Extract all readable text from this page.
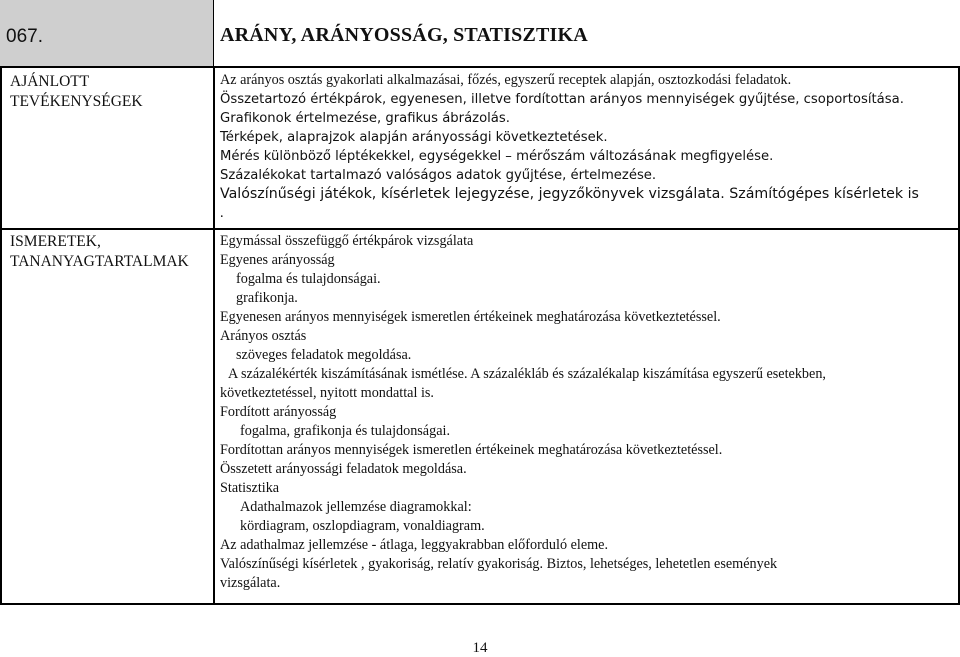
067.	ARÁNY, ARÁNYOSSÁG, STATISZTIKA
AJÁNLOTT
TEVÉKENYSÉGEK
Az arányos osztás gyakorlati alkalmazásai, főzés, egyszerű receptek alapján, osztozkodási feladatok.
Összetartozó értékpárok, egyenesen, illetve fordítottan arányos mennyiségek gyűjtése, csoportosítása.
Grafikonok értelmezése, grafikus ábrázolás.
Térképek, alaprajzok alapján arányossági következtetések.
Mérés különböző léptékekkel, egységekkel – mérőszám változásának megfigyelése.
Százalékokat tartalmazó valóságos adatok gyűjtése, értelmezése.
Valószínűségi játékok, kísérletek lejegyzése, jegyzőkönyvek vizsgálata. Számítógépes kísérletek is
.
ISMERETEK,
TANANYAGTARTALMAK
Egymással összefüggő értékpárok vizsgálata
Egyenes arányosság
fogalma és tulajdonságai.
grafikonja.
Egyenesen arányos mennyiségek ismeretlen értékeinek meghatározása következtetéssel.
Arányos osztás
szöveges feladatok megoldása.
A százalékérték kiszámításának ismétlése. A százalékláb és százalékalap kiszámítása egyszerű esetekben,
következtetéssel, nyitott mondattal is.
Fordított arányosság
fogalma, grafikonja és tulajdonságai.
Fordítottan arányos mennyiségek ismeretlen értékeinek meghatározása következtetéssel.
Összetett arányossági feladatok megoldása.
Statisztika
Adathalmazok jellemzése diagramokkal:
kördiagram, oszlopdiagram, vonaldiagram.
Az adathalmaz jellemzése - átlaga, leggyakrabban előforduló eleme.
Valószínűségi kísérletek , gyakoriság, relatív gyakoriság. Biztos, lehetséges, lehetetlen események
vizsgálata.
14
